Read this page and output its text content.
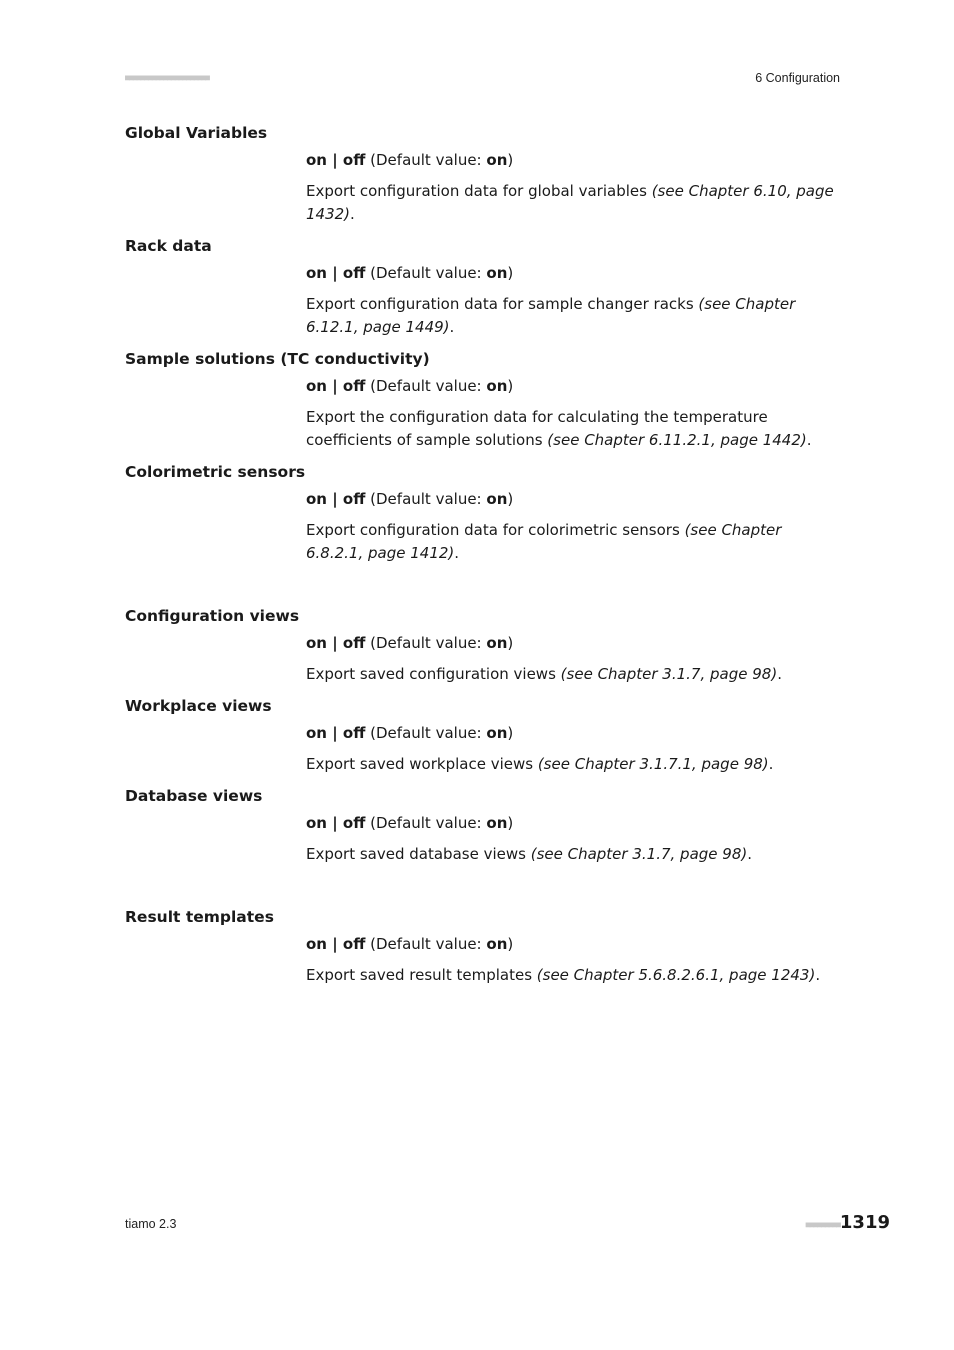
■■■■■■■■■■■■■■■■■■■■■■	6 Configuration
Global Variables
on | off (Default value: on)
Export configuration data for global variables (see Chapter 6.10, page 1432).
Rack data
on | off (Default value: on)
Export configuration data for sample changer racks (see Chapter 6.12.1, page 1449).
Sample solutions (TC conductivity)
on | off (Default value: on)
Export the configuration data for calculating the temperature coefficients of sample solutions (see Chapter 6.11.2.1, page 1442).
Colorimetric sensors
on | off (Default value: on)
Export configuration data for colorimetric sensors (see Chapter 6.8.2.1, page 1412).
Configuration views
on | off (Default value: on)
Export saved configuration views (see Chapter 3.1.7, page 98).
Workplace views
on | off (Default value: on)
Export saved workplace views (see Chapter 3.1.7.1, page 98).
Database views
on | off (Default value: on)
Export saved database views (see Chapter 3.1.7, page 98).
Result templates
on | off (Default value: on)
Export saved result templates (see Chapter 5.6.8.2.6.1, page 1243).
tiamo 2.3	■■■■■■■■■ 1319
